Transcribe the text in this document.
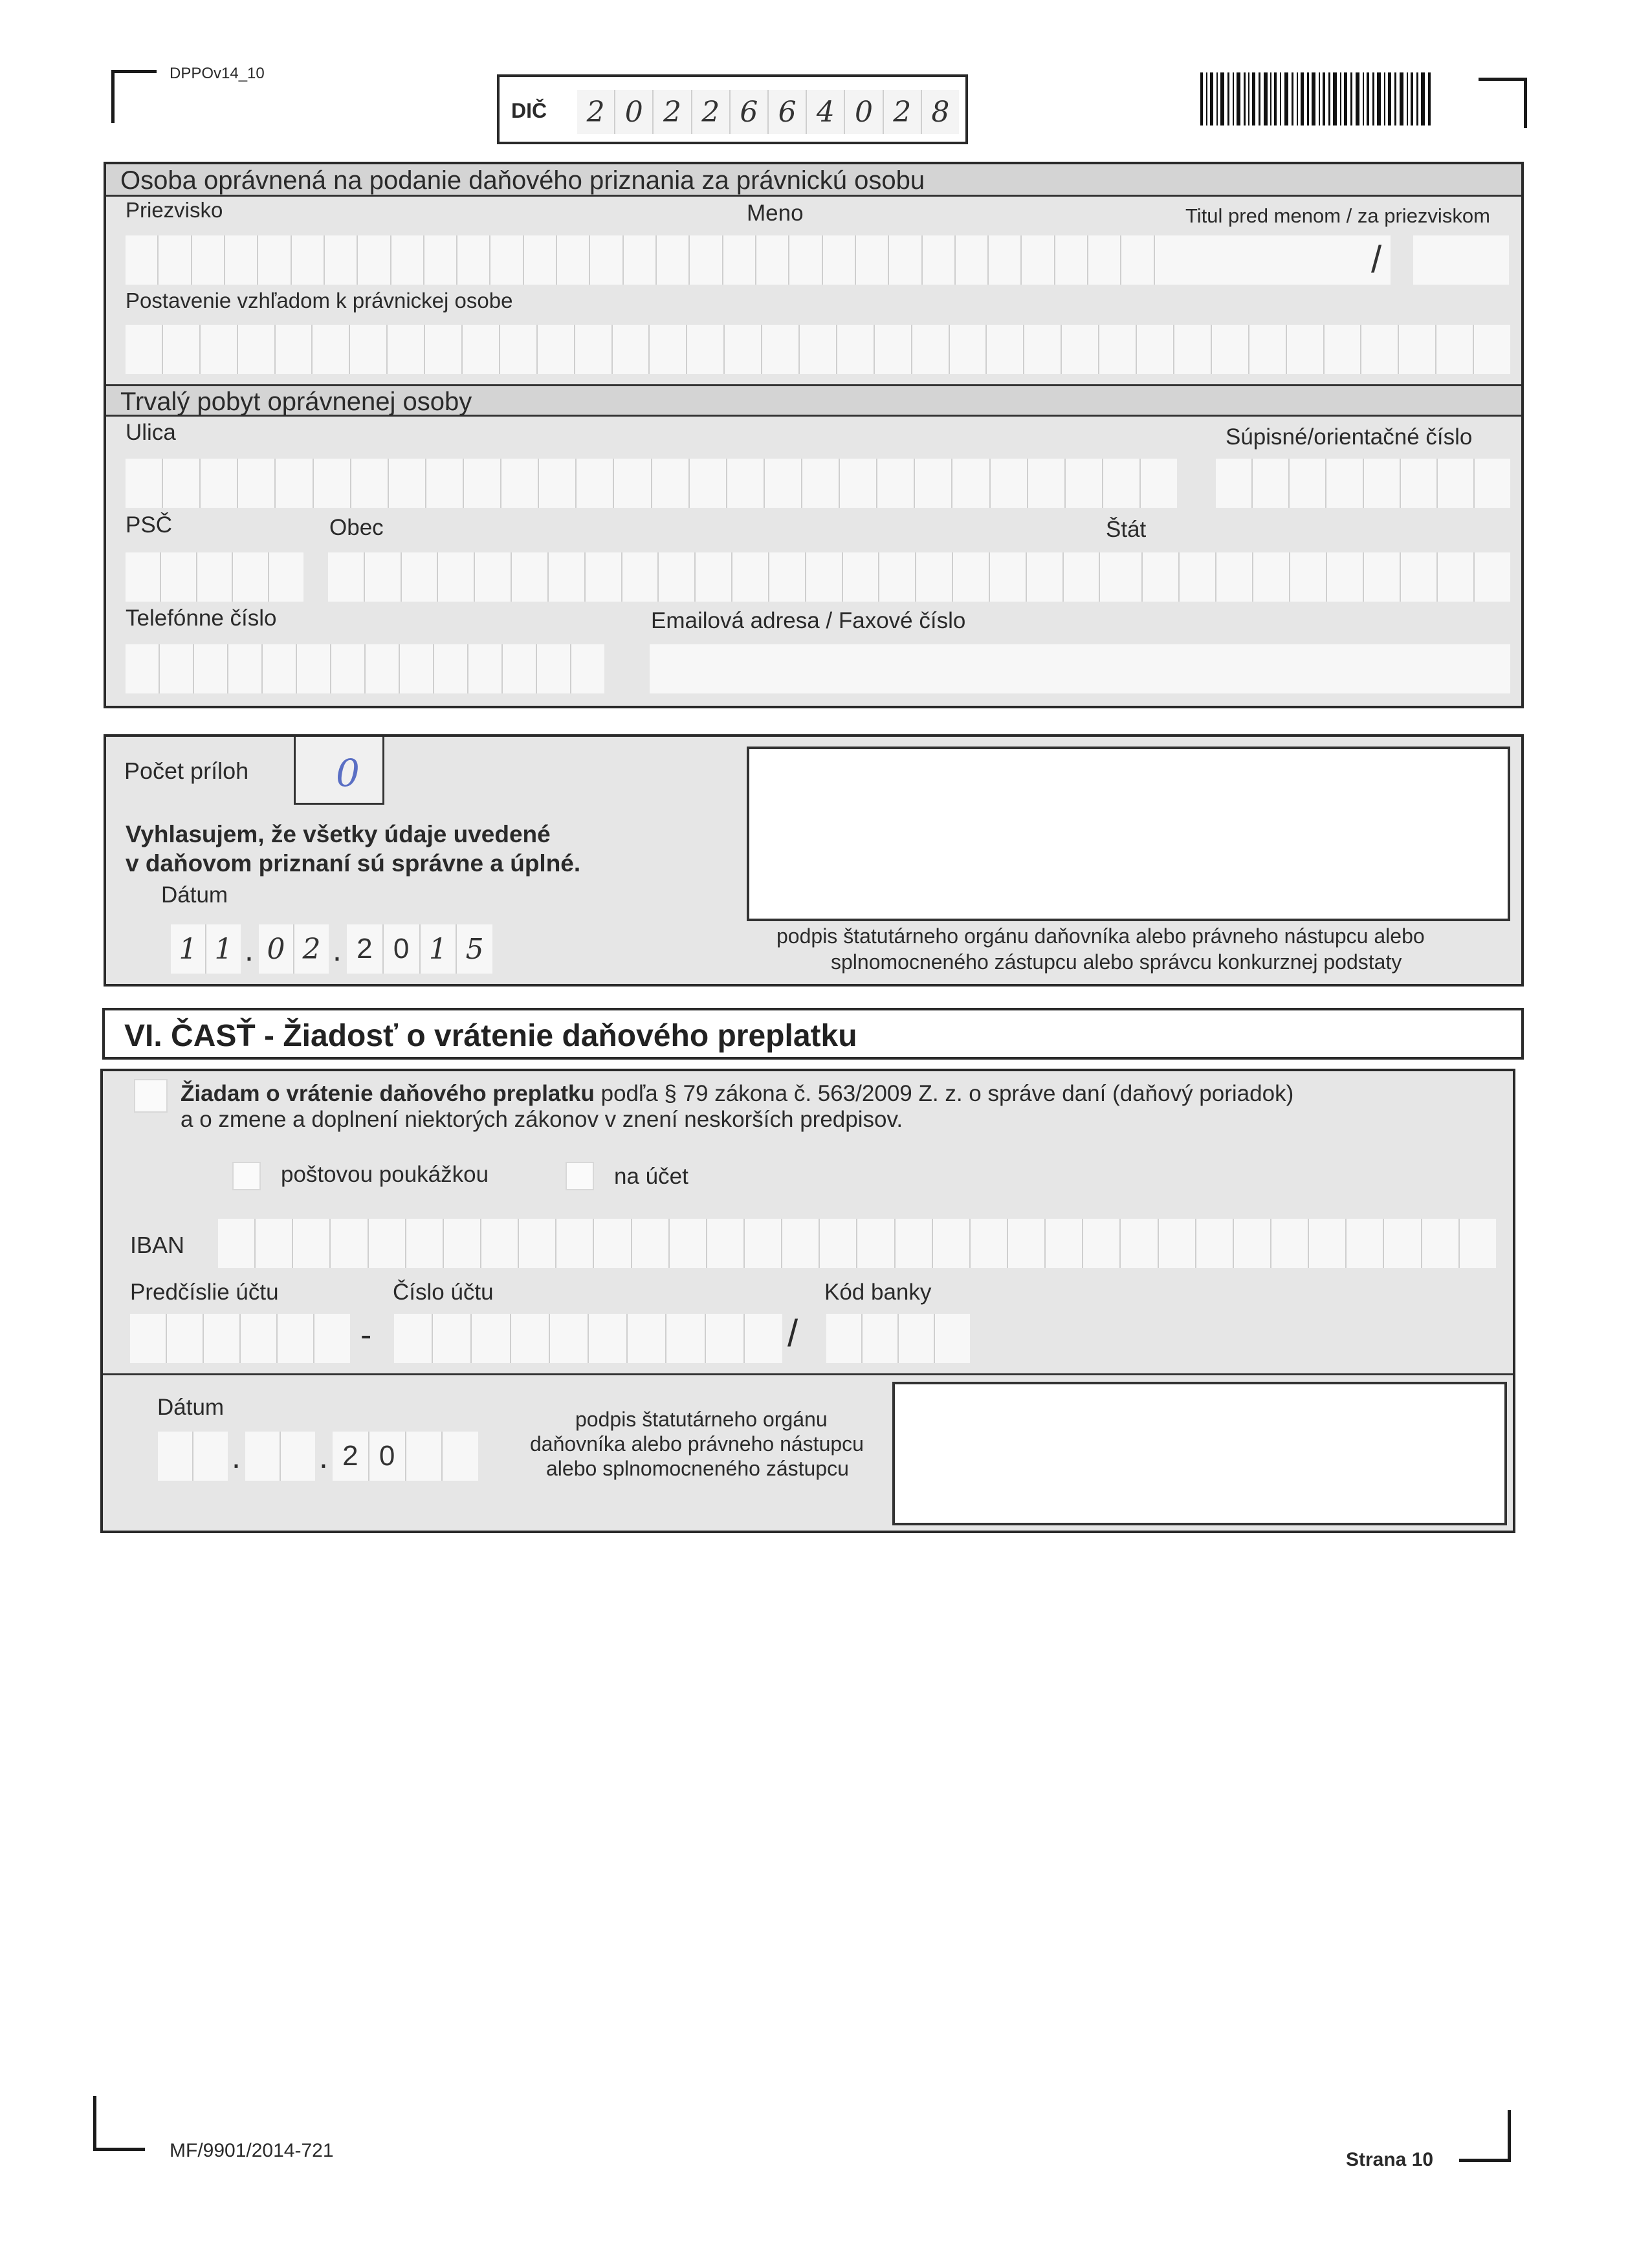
DPPOv14_10
DIČ	2 0 2 2 6 6 4 0 2 8
Osoba oprávnená na podanie daňového priznania za právnickú osobu
Priezvisko	Meno	Titul pred menom / za priezviskom
/
Postavenie vzhľadom k právnickej osobe
Trvalý pobyt oprávnenej osoby
Ulica	Súpisné/orientačné číslo
PSČ	Obec	Štát
Telefónne číslo	Emailová adresa / Faxové číslo
Počet príloh 0
Vyhlasujem, že všetky údaje uvedené
v daňovom priznaní sú správne a úplné.
Dátum
1 1 . 0 2 . 2 0 1 5	podpis štatutárneho orgánu daňovníka alebo právneho nástupcu alebo
splnomocneného zástupcu alebo správcu konkurznej podstaty
VI. ČASŤ - Žiadosť o vrátenie daňového preplatku
Žiadam o vrátenie daňového preplatku podľa § 79 zákona č. 563/2009 Z. z. o správe daní (daňový poriadok)
a o zmene a doplnení niektorých zákonov v znení neskorších predpisov.
poštovou poukážkou	na účet
IBAN
Predčíslie účtu	Číslo účtu	Kód banky
-	/
Dátum
. . 2 0
podpis štatutárneho orgánu
daňovníka alebo právneho nástupcu
alebo splnomocneného zástupcu
MF/9901/2014-721	Strana 10
